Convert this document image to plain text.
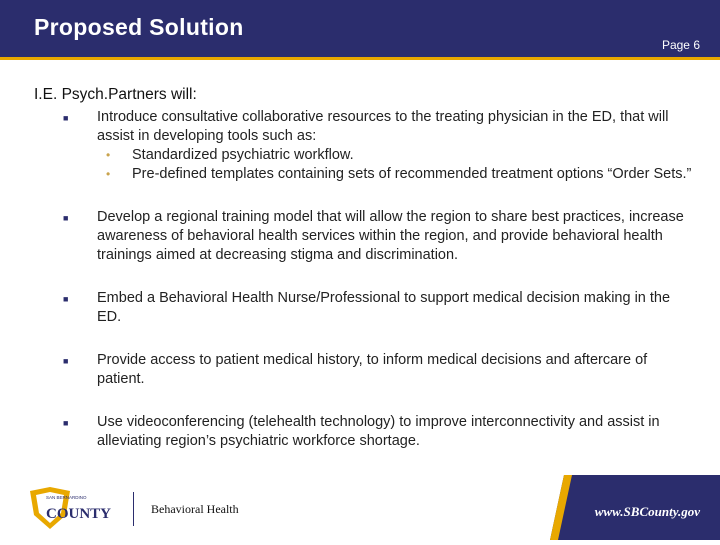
Proposed Solution
Page 6

I.E. Psych.Partners will:

■ Introduce consultative collaborative resources to the treating physician in the ED, that will assist in developing tools such as:

• Standardized psychiatric workflow.

• Pre-defined templates containing sets of recommended treatment options “Order Sets.”

■ Develop a regional training model that will allow the region to share best practices, increase awareness of behavioral health services within the region, and provide behavioral health trainings aimed at decreasing stigma and discrimination.

■ Embed a Behavioral Health Nurse/Professional to support medical decision making in the ED.

■ Provide access to patient medical history, to inform medical decisions and aftercare of patient.

■ Use videoconferencing (telehealth technology) to improve interconnectivity and assist in alleviating region’s psychiatric workforce shortage.

SAN BERNARDINO
COUNTY	Behavioral Health	www.SBCounty.gov
